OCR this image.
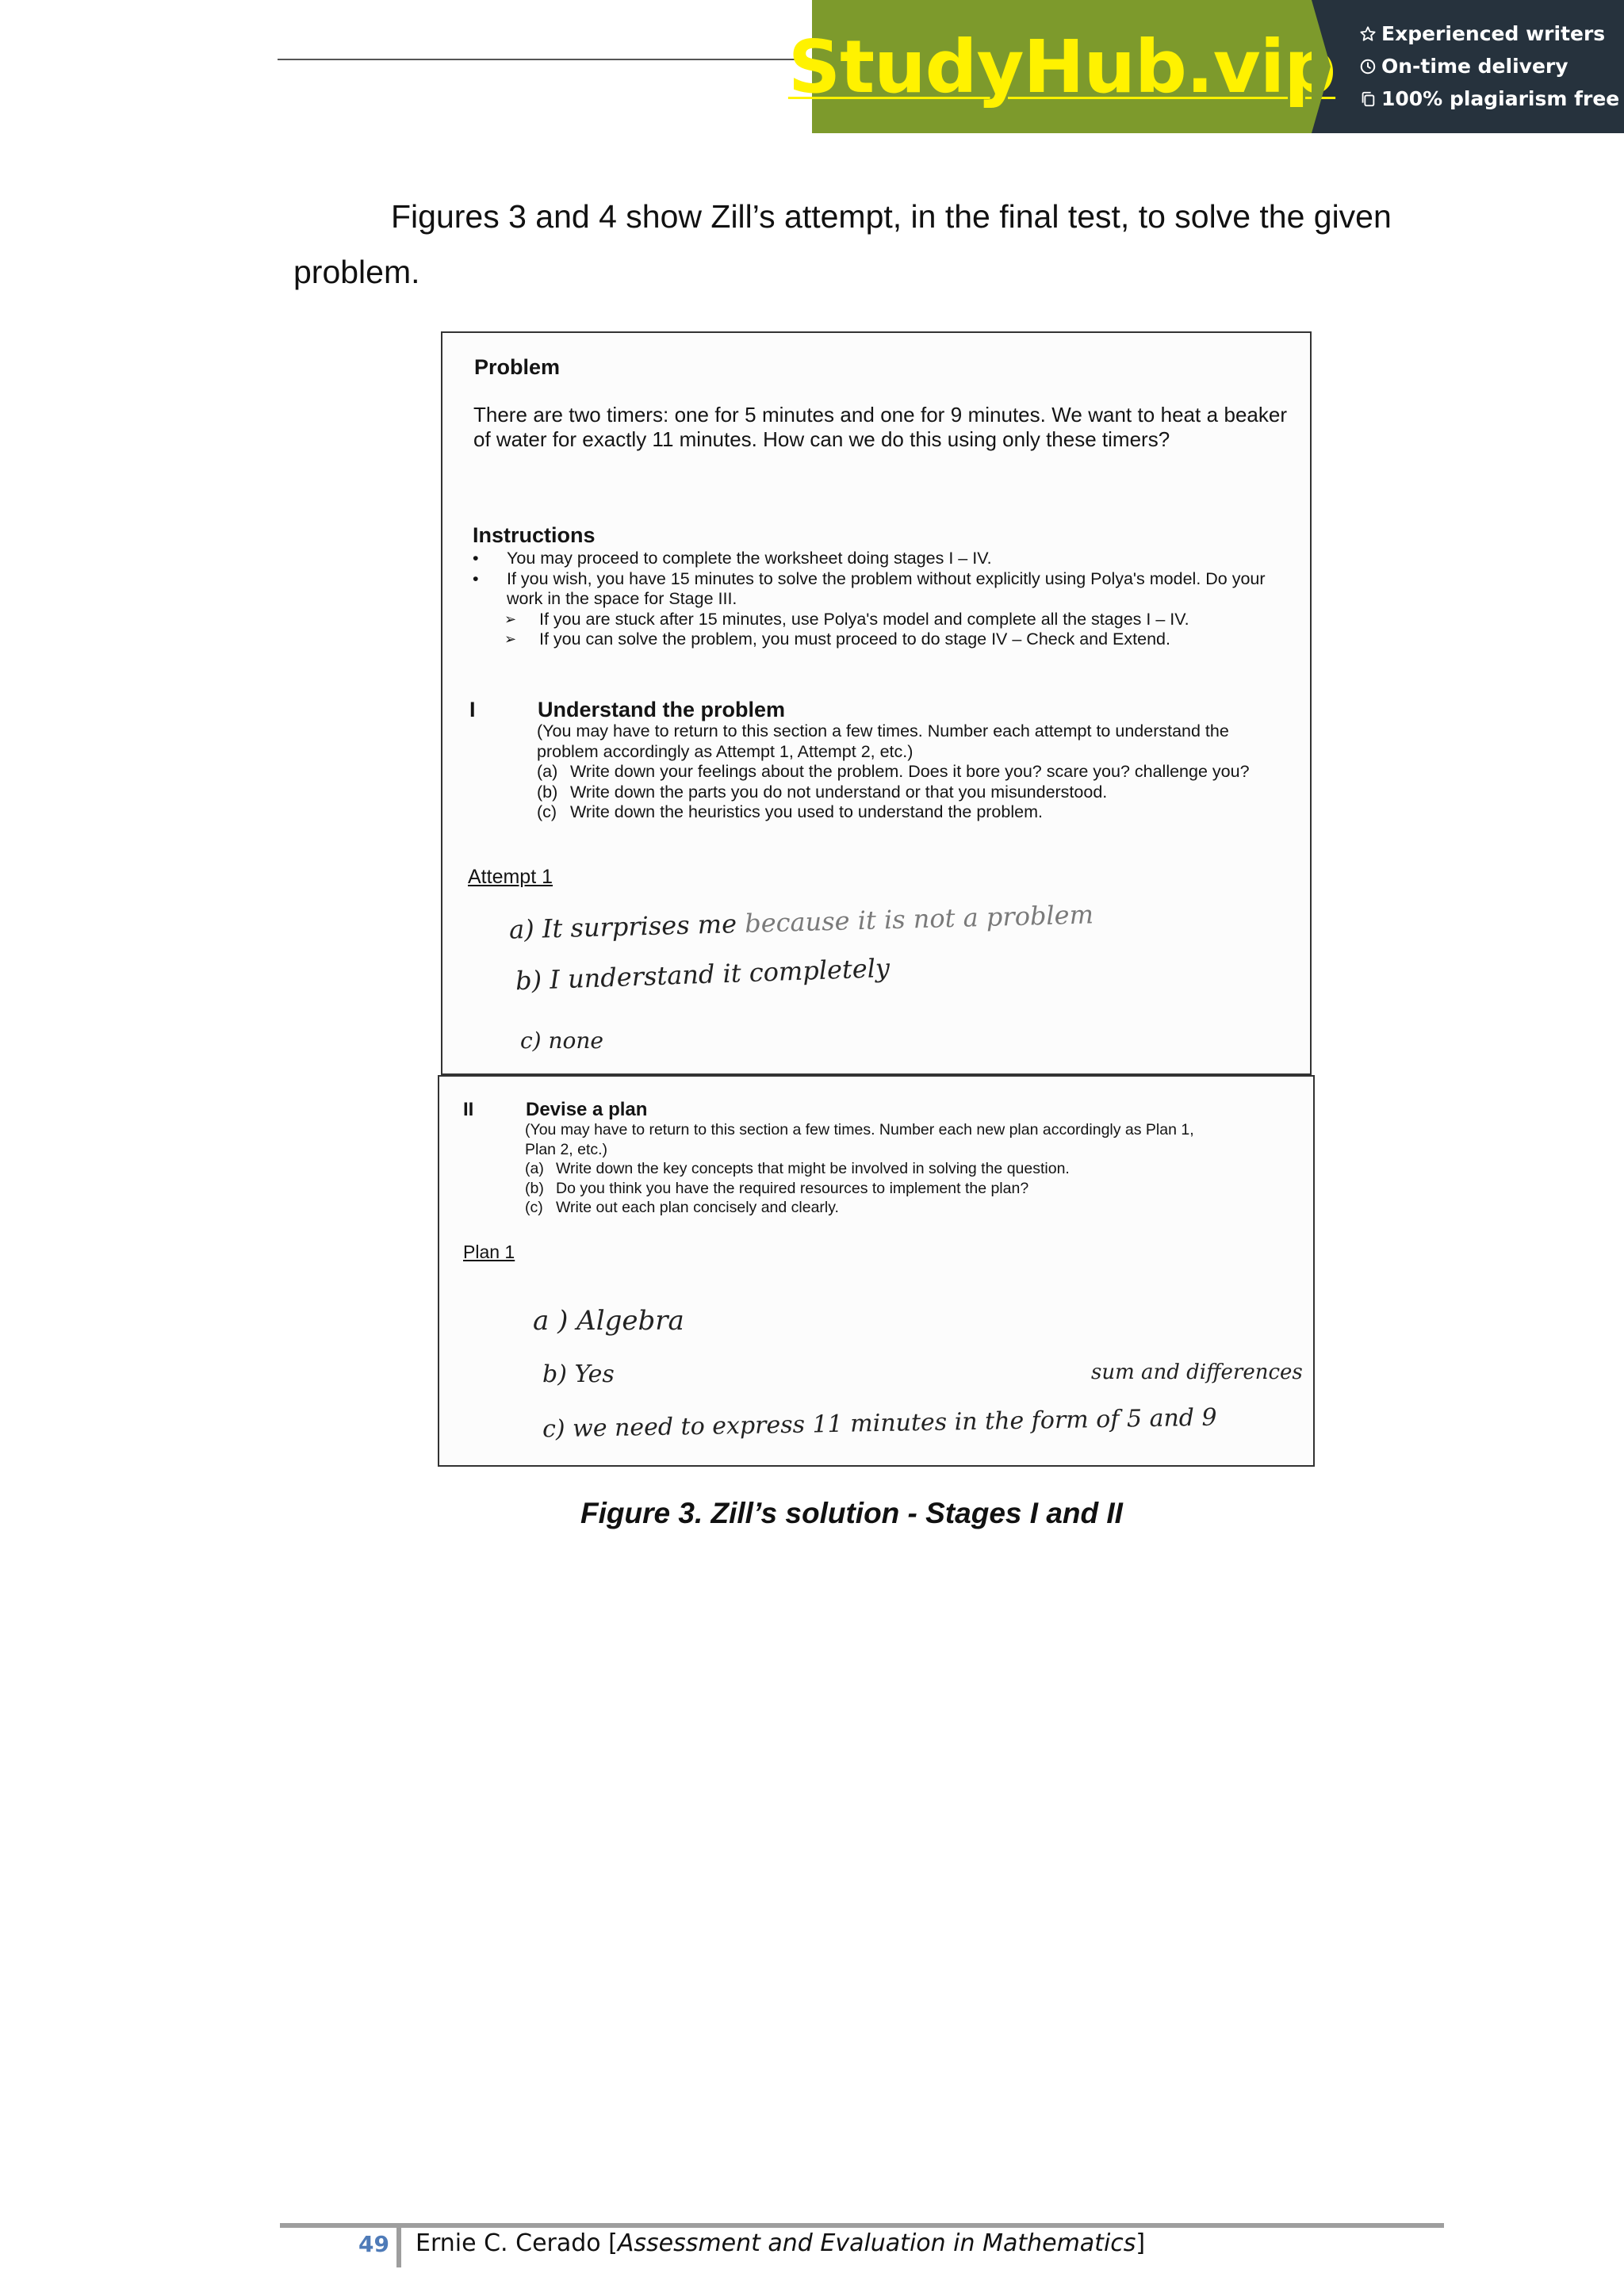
StudyHub.vip Experienced writers
On-time delivery
100% plagiarism free
Figures 3 and 4 show Zill’s attempt, in the final test, to solve the given problem.
Problem
There are two timers: one for 5 minutes and one for 9 minutes. We want to heat a beaker of water for exactly 11 minutes. How can we do this using only these timers?
Instructions
• You may proceed to complete the worksheet doing stages I – IV.
• If you wish, you have 15 minutes to solve the problem without explicitly using Polya's model. Do your work in the space for Stage III.
➢ If you are stuck after 15 minutes, use Polya's model and complete all the stages I – IV.
➢ If you can solve the problem, you must proceed to do stage IV – Check and Extend.
I	Understand the problem
(You may have to return to this section a few times. Number each attempt to understand the problem accordingly as Attempt 1, Attempt 2, etc.)
(a) Write down your feelings about the problem. Does it bore you? scare you? challenge you?
(b) Write down the parts you do not understand or that you misunderstood.
(c) Write down the heuristics you used to understand the problem.
Attempt 1
a) It surprises me because it is not a problem
b) I understand it completely
c) none
II	Devise a plan
(You may have to return to this section a few times. Number each new plan accordingly as Plan 1, Plan 2, etc.)
(a) Write down the key concepts that might be involved in solving the question.
(b) Do you think you have the required resources to implement the plan?
(c) Write out each plan concisely and clearly.
Plan 1
a ) Algebra
b) Yes	sum and differences
c) we need to express 11 minutes in the form of 5 and 9
Figure 3. Zill’s solution - Stages I and II
49 Ernie C. Cerado [Assessment and Evaluation in Mathematics]
